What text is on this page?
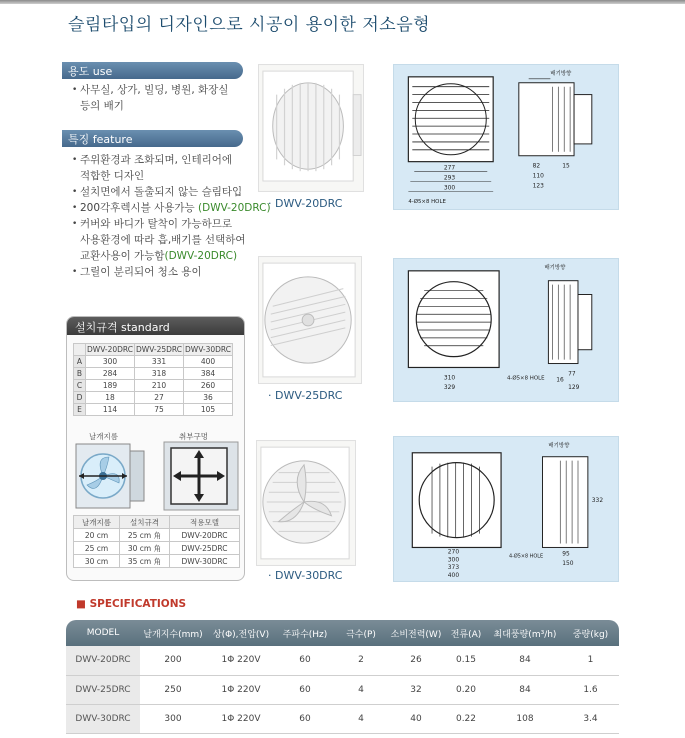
슬림타입의 디자인으로 시공이 용이한 저소음형
용도 use
• 사무실, 상가, 빌딩, 병원, 화장실
등의 배기
특징 feature
• 주위환경과 조화되며, 인테리어에
적합한 디자인
• 설치면에서 돌출되지 않는 슬림타입
• 200각후렉시블 사용가능 (DWV-20DRC)
• 커버와 바디가 탈착이 가능하므로
사용환경에 따라 흡,배기를 선택하여
교환사용이 가능함(DWV-20DRC)
• 그릴이 분리되어 청소 용이
설치규격 standard
	DWV-20DRC	DWV-25DRC	DWV-30DRC
A	300	331	400
B	284	318	384
C	189	210	260
D	18	27	36
E	114	75	105
날개지름	취부구멍
날개지름	설치규격	적용모델
20 cm	25 cm 角	DWV-20DRC
25 cm	30 cm 角	DWV-25DRC
30 cm	35 cm 角	DWV-30DRC
· DWV-20DRC
277
293
300
4-Ø5×8 HOLE
배기방향
82	15
110
123
· DWV-25DRC
310
329
4-Ø5×8 HOLE
배기방향
77
16
129
· DWV-30DRC
270
300
373
400
4-Ø5×8 HOLE
배기방향
332
95
150
■ SPECIFICATIONS
MODEL	날개지수(mm)	상(Φ),전압(V)	주파수(Hz)	극수(P)	소비전력(W)	전류(A)	최대풍량(m³/h)	중량(kg)
DWV-20DRC	200	1Φ 220V	60	2	26	0.15	84	1
DWV-25DRC	250	1Φ 220V	60	4	32	0.20	84	1.6
DWV-30DRC	300	1Φ 220V	60	4	40	0.22	108	3.4
